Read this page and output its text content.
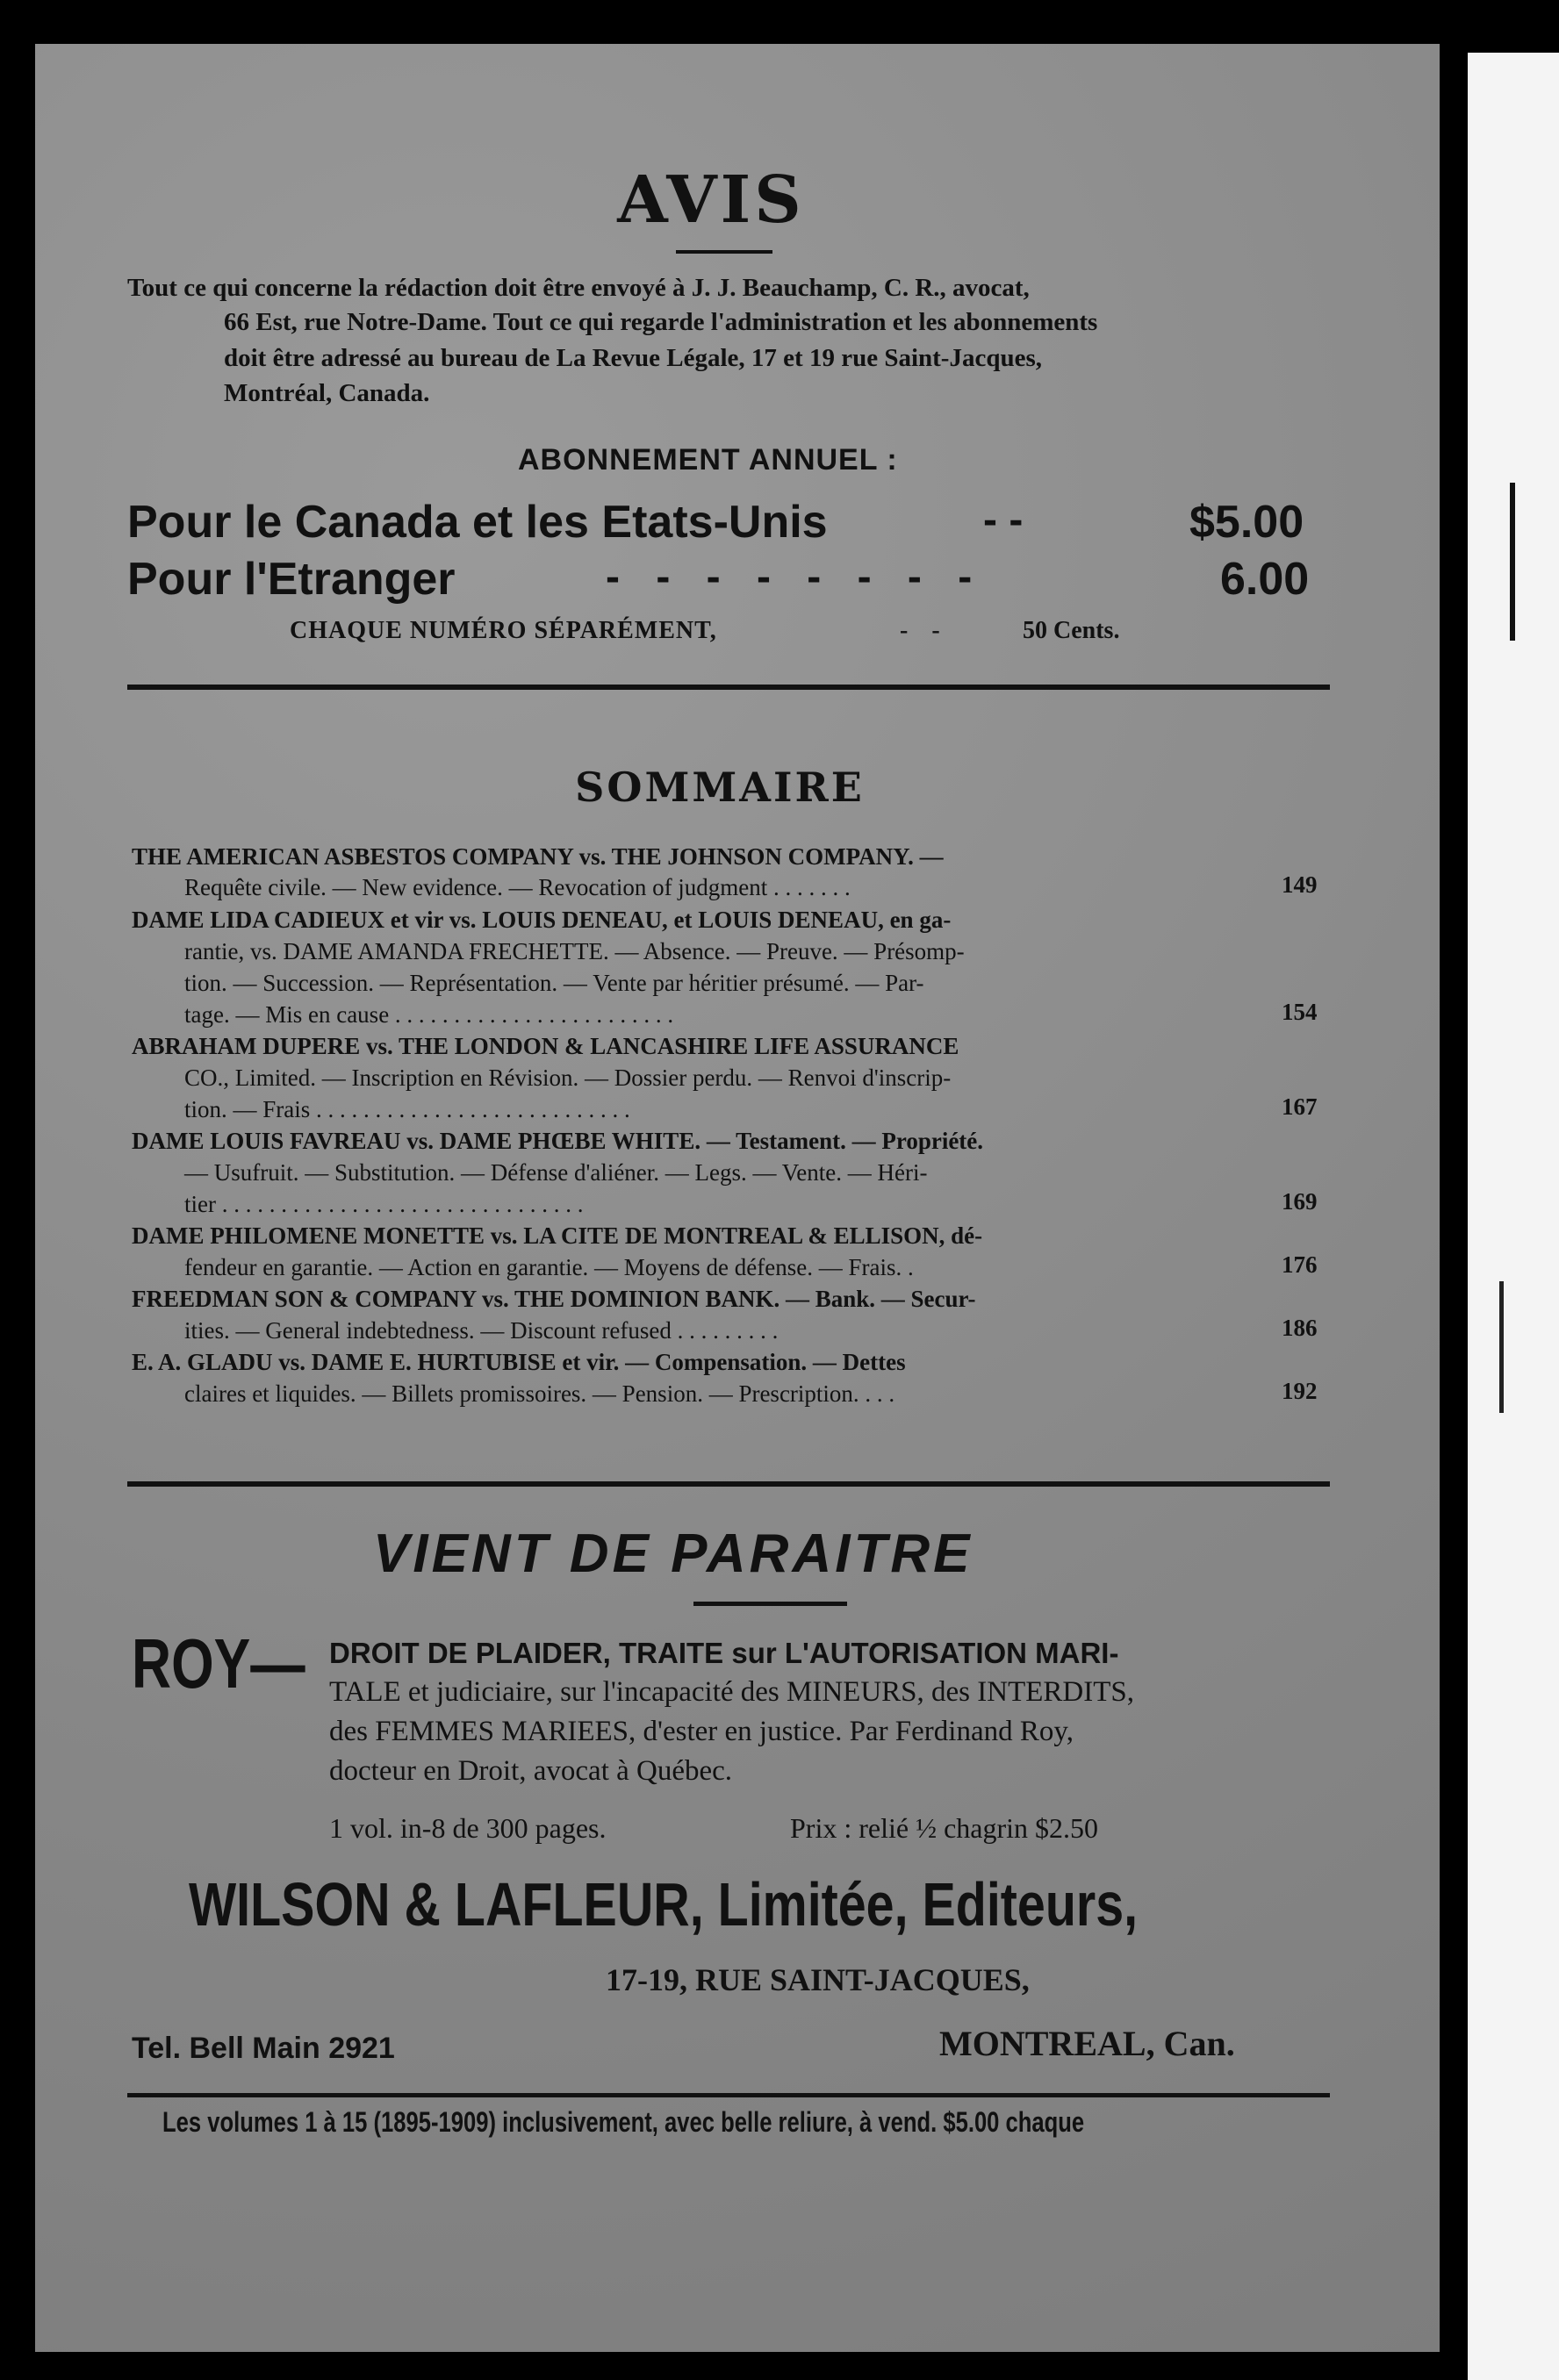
AVIS
Tout ce qui concerne la rédaction doit être envoyé à J. J. Beauchamp, C. R., avocat,
66 Est, rue Notre-Dame. Tout ce qui regarde l'administration et les abonnements
doit être adressé au bureau de La Revue Légale, 17 et 19 rue Saint-Jacques,
Montréal, Canada.
ABONNEMENT ANNUEL :
Pour le Canada et les Etats-Unis	- -	$5.00
Pour l'Etranger	- - - - - - - -	6.00
CHAQUE NUMÉRO SÉPARÉMENT,	- -	50 Cents.
SOMMAIRE
THE AMERICAN ASBESTOS COMPANY vs. THE JOHNSON COMPANY. —
Requête civile. — New evidence. — Revocation of judgment . . . . . . .	149
DAME LIDA CADIEUX et vir vs. LOUIS DENEAU, et LOUIS DENEAU, en ga-
rantie, vs. DAME AMANDA FRECHETTE. — Absence. — Preuve. — Présomp-
tion. — Succession. — Représentation. — Vente par héritier présumé. — Par-
tage. — Mis en cause . . . . . . . . . . . . . . . . . . . . . . . .	154
ABRAHAM DUPERE vs. THE LONDON & LANCASHIRE LIFE ASSURANCE
CO., Limited. — Inscription en Révision. — Dossier perdu. — Renvoi d'inscrip-
tion. — Frais . . . . . . . . . . . . . . . . . . . . . . . . . . .	167
DAME LOUIS FAVREAU vs. DAME PHŒBE WHITE. — Testament. — Propriété.
— Usufruit. — Substitution. — Défense d'aliéner. — Legs. — Vente. — Héri-
tier . . . . . . . . . . . . . . . . . . . . . . . . . . . . . . .	169
DAME PHILOMENE MONETTE vs. LA CITE DE MONTREAL & ELLISON, dé-
fendeur en garantie. — Action en garantie. — Moyens de défense. — Frais. .	176
FREEDMAN SON & COMPANY vs. THE DOMINION BANK. — Bank. — Secur-
ities. — General indebtedness. — Discount refused . . . . . . . . .	186
E. A. GLADU vs. DAME E. HURTUBISE et vir. — Compensation. — Dettes
claires et liquides. — Billets promissoires. — Pension. — Prescription. . . .	192
VIENT DE PARAITRE
ROY— DROIT DE PLAIDER, TRAITE sur L'AUTORISATION MARI-
TALE et judiciaire, sur l'incapacité des MINEURS, des INTERDITS,
des FEMMES MARIEES, d'ester en justice. Par Ferdinand Roy,
docteur en Droit, avocat à Québec.
1 vol. in-8 de 300 pages.	Prix : relié ½ chagrin $2.50
WILSON & LAFLEUR, Limitée, Editeurs,
17-19, RUE SAINT-JACQUES,
Tel. Bell Main 2921	MONTREAL, Can.
Les volumes 1 à 15 (1895-1909) inclusivement, avec belle reliure, à vend. $5.00 chaque
